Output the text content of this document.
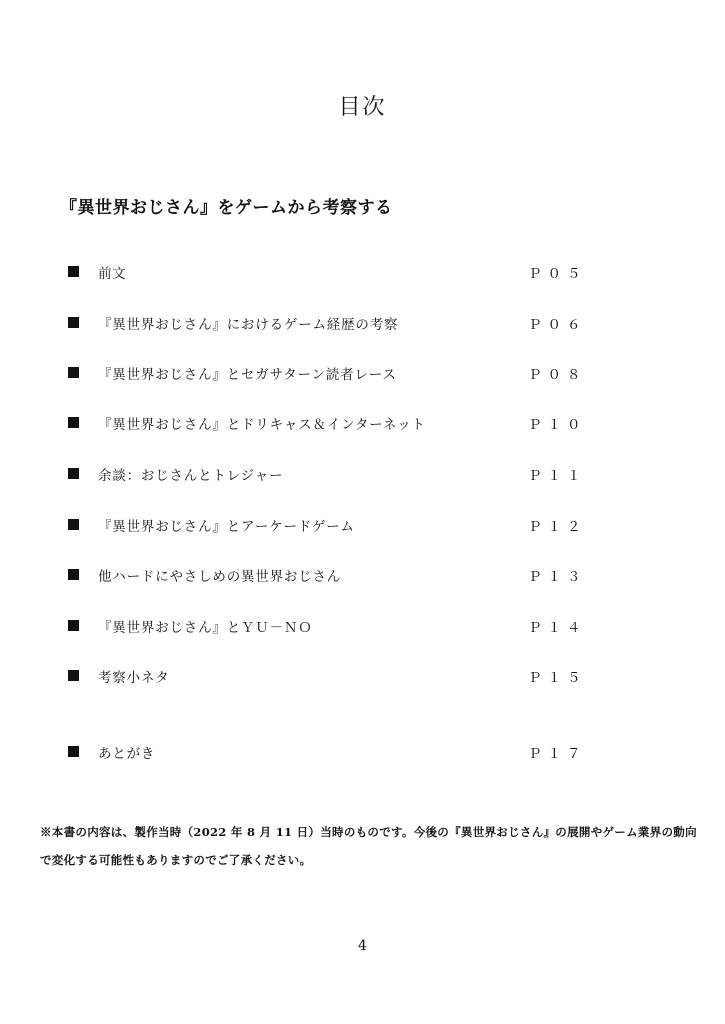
目次
『異世界おじさん』をゲームから考察する
前文	Ｐ０５
『異世界おじさん』におけるゲーム経歴の考察	Ｐ０６
『異世界おじさん』とセガサターン読者レース	Ｐ０８
『異世界おじさん』とドリキャス＆インターネット	Ｐ１０
余談：おじさんとトレジャー	Ｐ１１
『異世界おじさん』とアーケードゲーム	Ｐ１２
他ハードにやさしめの異世界おじさん	Ｐ１３
『異世界おじさん』とＹＵ－ＮＯ	Ｐ１４
考察小ネタ	Ｐ１５
あとがき	Ｐ１７
※本書の内容は、製作当時（2022 年 8 月 11 日）当時のものです。今後の『異世界おじさん』の展開やゲーム業界の動向で変化する可能性もありますのでご了承ください。
4
